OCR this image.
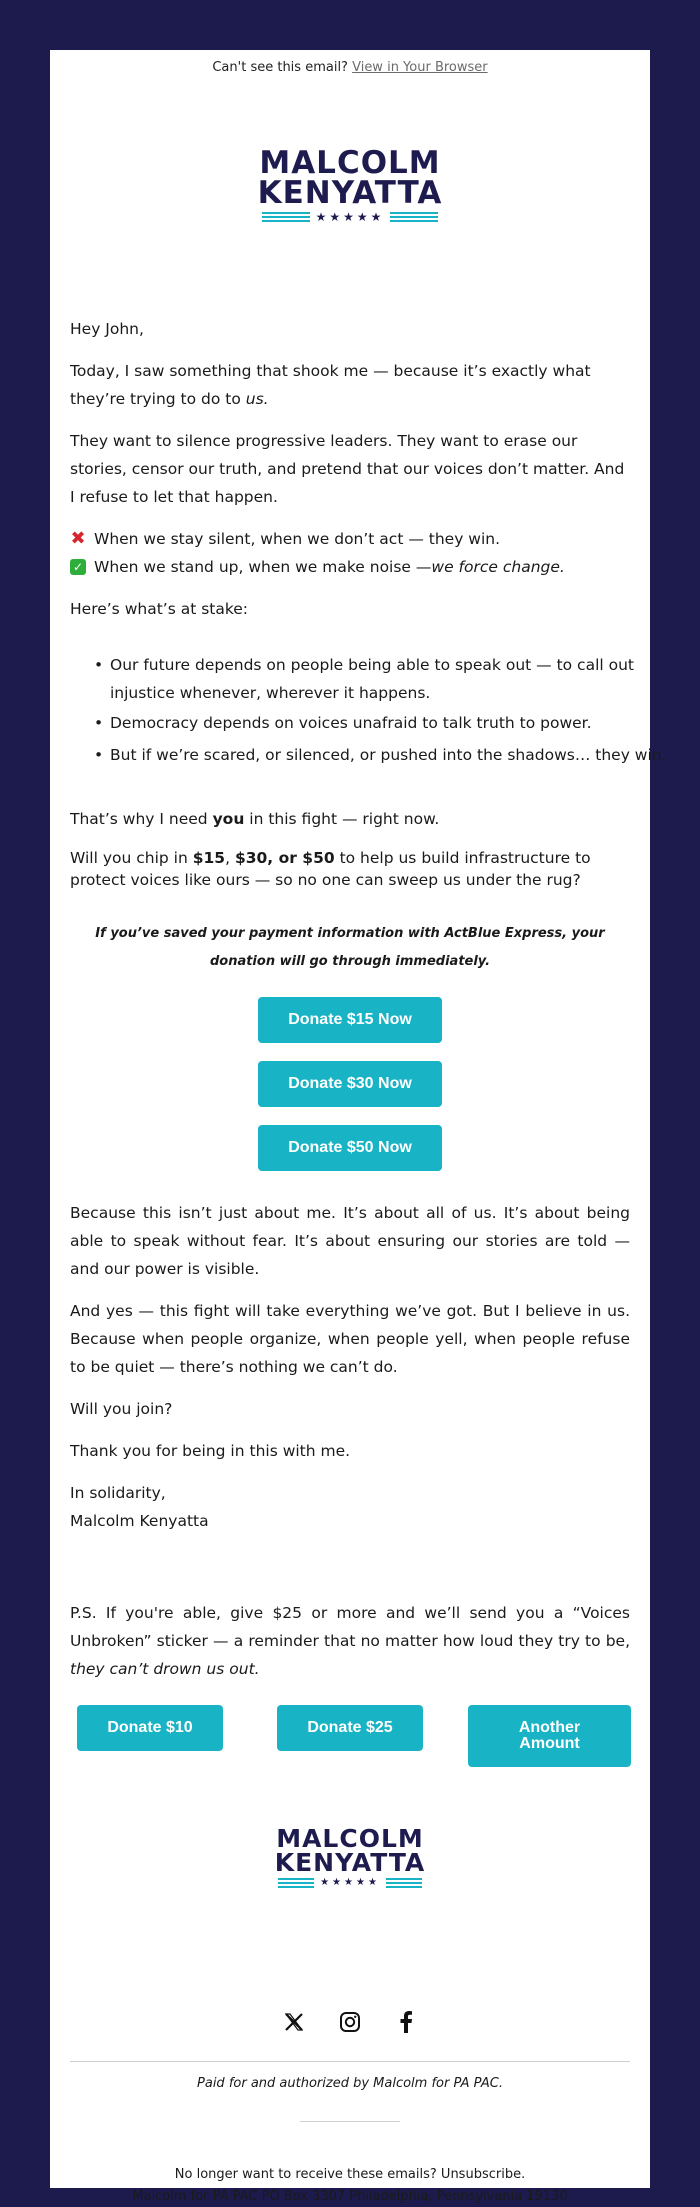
Can't see this email? View in Your Browser
MALCOLM
KENYATTA
★★★★★
Hey John,
Today, I saw something that shook me — because it’s exactly what they’re trying to do to us.
They want to silence progressive leaders. They want to erase our stories, censor our truth, and pretend that our voices don’t matter. And I refuse to let that happen.
✖ When we stay silent, when we don’t act — they win.
✓ When we stand up, when we make noise — we force change.
Here’s what’s at stake:
• Our future depends on people being able to speak out — to call out injustice whenever, wherever it happens.
• Democracy depends on voices unafraid to talk truth to power.
• But if we’re scared, or silenced, or pushed into the shadows… they win.
That’s why I need you in this fight — right now.
Will you chip in $15, $30, or $50 to help us build infrastructure to protect voices like ours — so no one can sweep us under the rug?
If you’ve saved your payment information with ActBlue Express, your donation will go through immediately.
Donate $15 Now
Donate $30 Now
Donate $50 Now
Because this isn’t just about me. It’s about all of us. It’s about being able to speak without fear. It’s about ensuring our stories are told — and our power is visible.
And yes — this fight will take everything we’ve got. But I believe in us. Because when people organize, when people yell, when people refuse to be quiet — there’s nothing we can’t do.
Will you join?
Thank you for being in this with me.
In solidarity,
Malcolm Kenyatta
P.S. If you're able, give $25 or more and we’ll send you a “Voices Unbroken” sticker — a reminder that no matter how loud they try to be, they can’t drown us out.
Donate $10	Donate $25	Another Amount
MALCOLM
KENYATTA
★★★★★
Paid for and authorized by Malcolm for PA PAC.
No longer want to receive these emails? Unsubscribe.
Malcolm for PA PAC PO Box 3307 Philadelphia, Pennsylvania 19130
